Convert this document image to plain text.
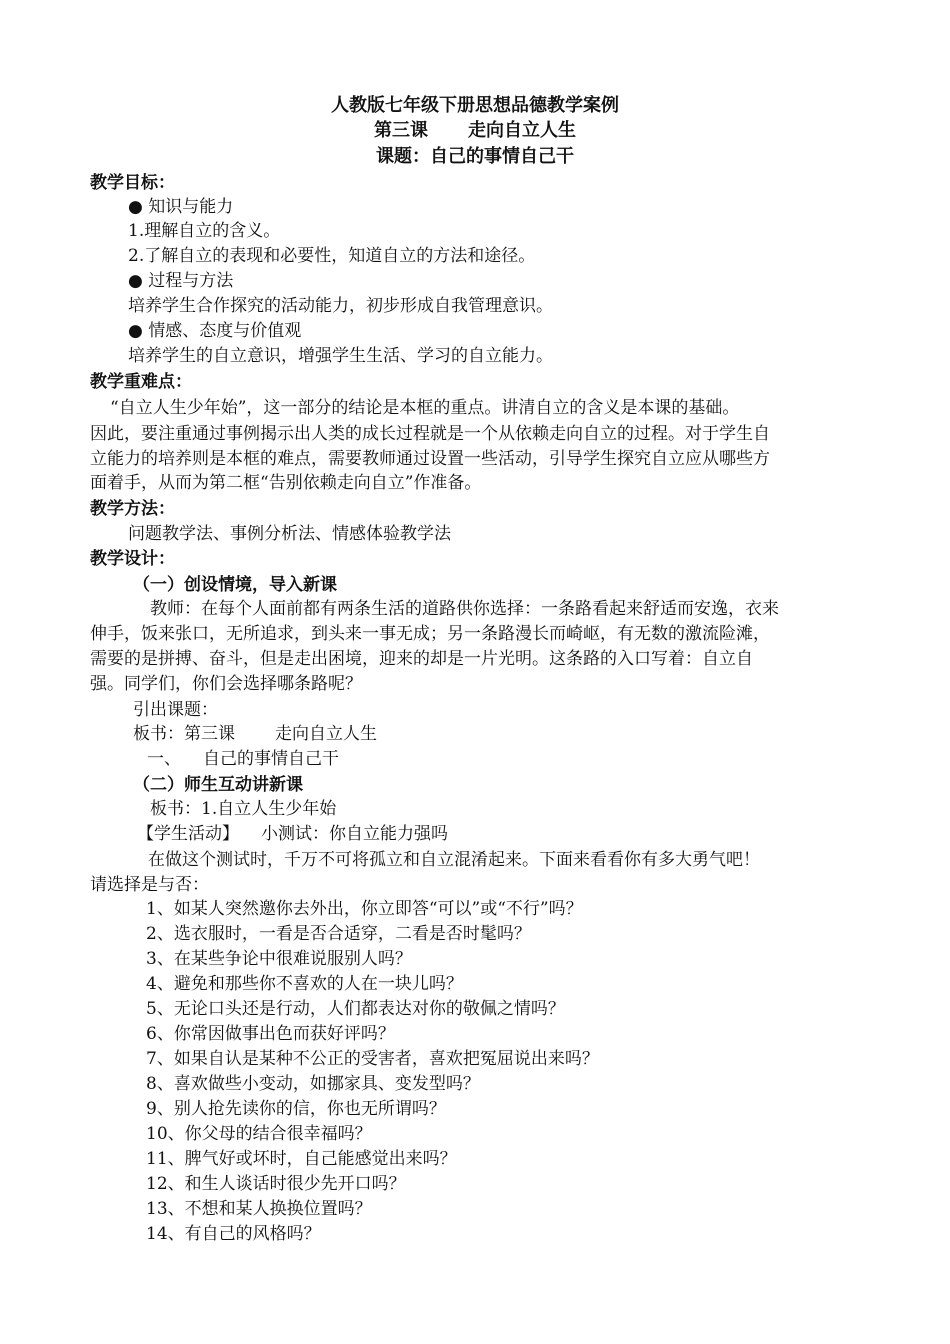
人教版七年级下册思想品德教学案例
第三课 走向自立人生
课题：自己的事情自己干
教学目标：
● 知识与能力
1.理解自立的含义。
2.了解自立的表现和必要性，知道自立的方法和途径。
● 过程与方法
培养学生合作探究的活动能力，初步形成自我管理意识。
● 情感、态度与价值观
培养学生的自立意识，增强学生生活、学习的自立能力。
教学重难点：
“自立人生少年始”，这一部分的结论是本框的重点。讲清自立的含义是本课的基础。
因此，要注重通过事例揭示出人类的成长过程就是一个从依赖走向自立的过程。对于学生自
立能力的培养则是本框的难点，需要教师通过设置一些活动，引导学生探究自立应从哪些方
面着手，从而为第二框“告别依赖走向自立”作准备。
教学方法：
问题教学法、事例分析法、情感体验教学法
教学设计：
（一）创设情境，导入新课
教师：在每个人面前都有两条生活的道路供你选择：一条路看起来舒适而安逸，衣来
伸手，饭来张口，无所追求，到头来一事无成；另一条路漫长而崎岖，有无数的激流险滩，
需要的是拼搏、奋斗，但是走出困境，迎来的却是一片光明。这条路的入口写着：自立自
强。同学们，你们会选择哪条路呢？
引出课题：
板书：第三课 走向自立人生
一、 自己的事情自己干
（二）师生互动讲新课
板书：1.自立人生少年始
【学生活动】 小测试：你自立能力强吗
在做这个测试时，千万不可将孤立和自立混淆起来。下面来看看你有多大勇气吧！
请选择是与否：
1、如某人突然邀你去外出，你立即答“可以”或“不行”吗？
2、选衣服时，一看是否合适穿，二看是否时髦吗？
3、在某些争论中很难说服别人吗？
4、避免和那些你不喜欢的人在一块儿吗？
5、无论口头还是行动，人们都表达对你的敬佩之情吗？
6、你常因做事出色而获好评吗？
7、如果自认是某种不公正的受害者，喜欢把冤屈说出来吗？
8、喜欢做些小变动，如挪家具、变发型吗？
9、别人抢先读你的信，你也无所谓吗？
10、你父母的结合很幸福吗？
11、脾气好或坏时，自己能感觉出来吗？
12、和生人谈话时很少先开口吗？
13、不想和某人换换位置吗？
14、有自己的风格吗？
